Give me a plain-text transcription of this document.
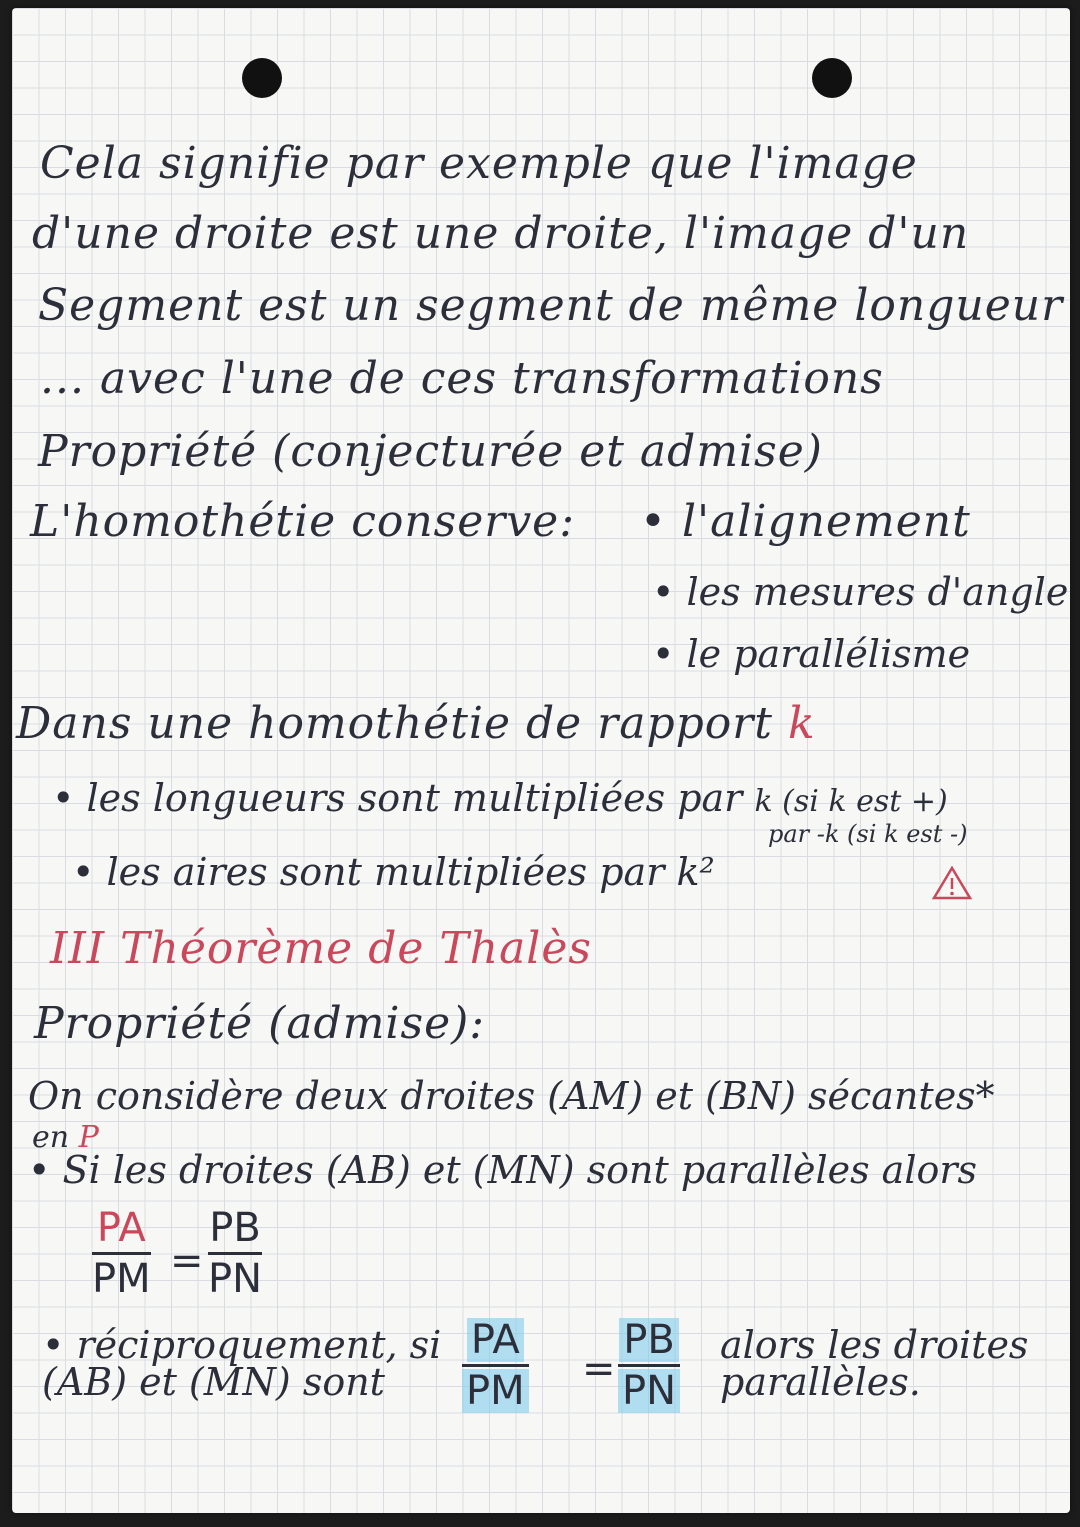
Cela signifie par exemple que l'image
d'une droite est une droite, l'image d'un
Segment est un segment de même longueur
... avec l'une de ces transformations
Propriété (conjecturée et admise)
L'homothétie conserve: • l'alignement
• les mesures d'angle
• le parallélisme
Dans une homothétie de rapport k
• les longueurs sont multipliées par k (si k est +)
par -k (si k est -)
• les aires sont multipliées par k²
III Théorème de Thalès
Propriété (admise):
On considère deux droites (AM) et (BN) sécantes*
en P
• Si les droites (AB) et (MN) sont parallèles alors
PA
PM =
PB
PN
• réciproquement, si
(AB) et (MN) sont
PA
PM =
PB
PN
alors les droites
parallèles.
